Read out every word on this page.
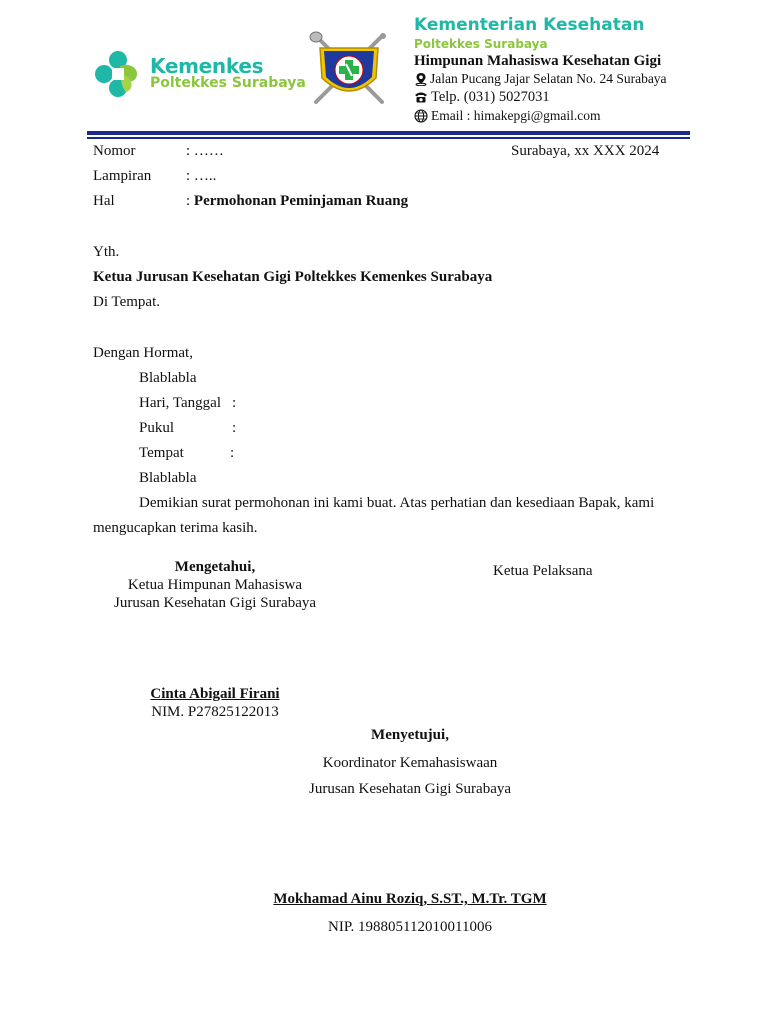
Kemenkes
Poltekkes Surabaya
Kementerian Kesehatan
Poltekkes Surabaya
Himpunan Mahasiswa Kesehatan Gigi
Jalan Pucang Jajar Selatan No. 24 Surabaya
Telp. (031) 5027031
Email : himakepgi@gmail.com
Nomor	: ……	Surabaya, xx XXX 2024
Lampiran : …..
Hal	: Permohonan Peminjaman Ruang
Yth.
Ketua Jurusan Kesehatan Gigi Poltekkes Kemenkes Surabaya
Di Tempat.
Dengan Hormat,
Blablabla
Hari, Tanggal :
Pukul	:
Tempat	:
Blablabla
Demikian surat permohonan ini kami buat. Atas perhatian dan kesediaan Bapak, kami
mengucapkan terima kasih.
Mengetahui,
Ketua Himpunan Mahasiswa
Jurusan Kesehatan Gigi Surabaya
Ketua Pelaksana
Cinta Abigail Firani
NIM. P27825122013
Menyetujui,
Koordinator Kemahasiswaan
Jurusan Kesehatan Gigi Surabaya
Mokhamad Ainu Roziq, S.ST., M.Tr. TGM
NIP. 198805112010011006
